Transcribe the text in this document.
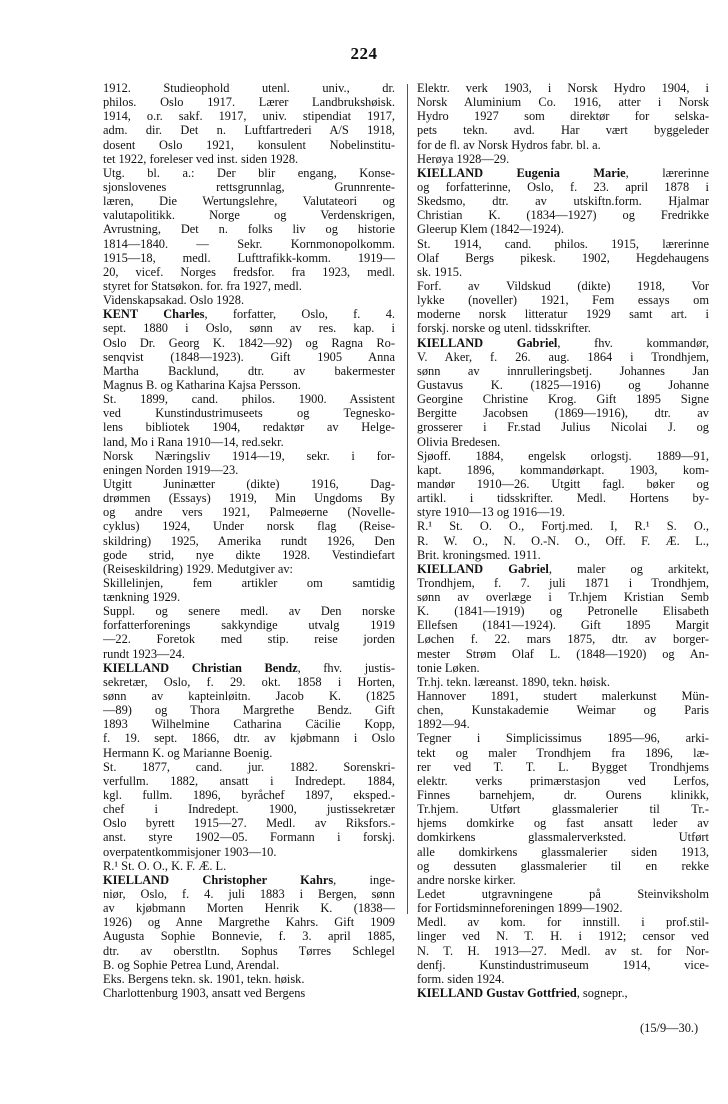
224
1912. Studieophold utenl. univ., dr.
philos. Oslo 1917. Lærer Landbrukshøisk.
1914, o.r. sakf. 1917, univ. stipendiat 1917,
adm. dir. Det n. Luftfartrederi A/S 1918,
dosent Oslo 1921, konsulent Nobelinstitu-
tet 1922, foreleser ved inst. siden 1928.
Utg. bl. a.: Der blir engang, Konse-
sjonslovenes rettsgrunnlag, Grunnrente-
læren, Die Wertungslehre, Valutateori og
valutapolitikk. Norge og Verdenskrigen,
Avrustning, Det n. folks liv og historie
1814—1840. — Sekr. Kornmonopolkomm.
1915—18, medl. Lufttrafikk-komm. 1919—
20, vicef. Norges fredsfor. fra 1923, medl.
styret for Statsøkon. for. fra 1927, medl.
Videnskapsakad. Oslo 1928.
KENT Charles, forfatter, Oslo, f. 4.
sept. 1880 i Oslo, sønn av res. kap. i
Oslo Dr. Georg K. 1842—92) og Ragna Ro-
senqvist (1848—1923). Gift 1905 Anna
Martha Backlund, dtr. av bakermester
Magnus B. og Katharina Kajsa Persson.
St. 1899, cand. philos. 1900. Assistent
ved Kunstindustrimuseets og Tegnesko-
lens bibliotek 1904, redaktør av Helge-
land, Mo i Rana 1910—14, red.sekr.
Norsk Næringsliv 1914—19, sekr. i for-
eningen Norden 1919—23.
Utgitt Juninætter (dikte) 1916, Dag-
drømmen (Essays) 1919, Min Ungdoms By
og andre vers 1921, Palmeøerne (Novelle-
cyklus) 1924, Under norsk flag (Reise-
skildring) 1925, Amerika rundt 1926, Den
gode strid, nye dikte 1928. Vestindiefart
(Reiseskildring) 1929. Medutgiver av:
Skillelinjen, fem artikler om samtidig
tænkning 1929.
Suppl. og senere medl. av Den norske
forfatterforenings sakkyndige utvalg 1919
—22. Foretok med stip. reise jorden
rundt 1923—24.
KIELLAND Christian Bendz, fhv. justis-
sekretær, Oslo, f. 29. okt. 1858 i Horten,
sønn av kapteinløitn. Jacob K. (1825
—89) og Thora Margrethe Bendz. Gift
1893 Wilhelmine Catharina Cäcilie Kopp,
f. 19. sept. 1866, dtr. av kjøbmann i Oslo
Hermann K. og Marianne Boenig.
St. 1877, cand. jur. 1882. Sorenskri-
verfullm. 1882, ansatt i Indredept. 1884,
kgl. fullm. 1896, byråchef 1897, eksped.-
chef i Indredept. 1900, justissekretær
Oslo byrett 1915—27. Medl. av Riksfors.-
anst. styre 1902—05. Formann i forskj.
overpatentkommisjoner 1903—10.
R.¹ St. O. O., K. F. Æ. L.
KIELLAND Christopher Kahrs, inge-
niør, Oslo, f. 4. juli 1883 i Bergen, sønn
av kjøbmann Morten Henrik K. (1838—
1926) og Anne Margrethe Kahrs. Gift 1909
Augusta Sophie Bonnevie, f. 3. april 1885,
dtr. av oberstltn. Sophus Tørres Schlegel
B. og Sophie Petrea Lund, Arendal.
Eks. Bergens tekn. sk. 1901, tekn. høisk.
Charlottenburg 1903, ansatt ved Bergens
Elektr. verk 1903, i Norsk Hydro 1904, i
Norsk Aluminium Co. 1916, atter i Norsk
Hydro 1927 som direktør for selska-
pets tekn. avd. Har vært byggeleder
for de fl. av Norsk Hydros fabr. bl. a.
Herøya 1928—29.
KIELLAND Eugenia Marie, lærerinne
og forfatterinne, Oslo, f. 23. april 1878 i
Skedsmo, dtr. av utskiftn.form. Hjalmar
Christian K. (1834—1927) og Fredrikke
Gleerup Klem (1842—1924).
St. 1914, cand. philos. 1915, lærerinne
Olaf Bergs pikesk. 1902, Hegdehaugens
sk. 1915.
Forf. av Vildskud (dikte) 1918, Vor
lykke (noveller) 1921, Fem essays om
moderne norsk litteratur 1929 samt art. i
forskj. norske og utenl. tidsskrifter.
KIELLAND Gabriel, fhv. kommandør,
V. Aker, f. 26. aug. 1864 i Trondhjem,
sønn av innrulleringsbetj. Johannes Jan
Gustavus K. (1825—1916) og Johanne
Georgine Christine Krog. Gift 1895 Signe
Bergitte Jacobsen (1869—1916), dtr. av
grosserer i Fr.stad Julius Nicolai J. og
Olivia Bredesen.
Sjøoff. 1884, engelsk orlogstj. 1889—91,
kapt. 1896, kommandørkapt. 1903, kom-
mandør 1910—26. Utgitt fagl. bøker og
artikl. i tidsskrifter. Medl. Hortens by-
styre 1910—13 og 1916—19.
R.¹ St. O. O., Fortj.med. I, R.¹ S. O.,
R. W. O., N. O.-N. O., Off. F. Æ. L.,
Brit. kroningsmed. 1911.
KIELLAND Gabriel, maler og arkitekt,
Trondhjem, f. 7. juli 1871 i Trondhjem,
sønn av overlæge i Tr.hjem Kristian Semb
K. (1841—1919) og Petronelle Elisabeth
Ellefsen (1841—1924). Gift 1895 Margit
Løchen f. 22. mars 1875, dtr. av borger-
mester Strøm Olaf L. (1848—1920) og An-
tonie Løken.
Tr.hj. tekn. læreanst. 1890, tekn. høisk.
Hannover 1891, studert malerkunst Mün-
chen, Kunstakademie Weimar og Paris
1892—94.
Tegner i Simplicissimus 1895—96, arki-
tekt og maler Trondhjem fra 1896, læ-
rer ved T. T. L. Bygget Trondhjems
elektr. verks primærstasjon ved Lerfos,
Finnes barnehjem, dr. Ourens klinikk,
Tr.hjem. Utført glassmalerier til Tr.-
hjems domkirke og fast ansatt leder av
domkirkens glassmalerverksted. Utført
alle domkirkens glassmalerier siden 1913,
og dessuten glassmalerier til en rekke
andre norske kirker.
Ledet utgravningene på Steinviksholm
for Fortidsminneforeningen 1899—1902.
Medl. av kom. for innstill. i prof.stil-
linger ved N. T. H. i 1912; censor ved
N. T. H. 1913—27. Medl. av st. for Nor-
denfj. Kunstindustrimuseum 1914, vice-
form. siden 1924.
KIELLAND Gustav Gottfried, sognepr.,
(15/9—30.)
